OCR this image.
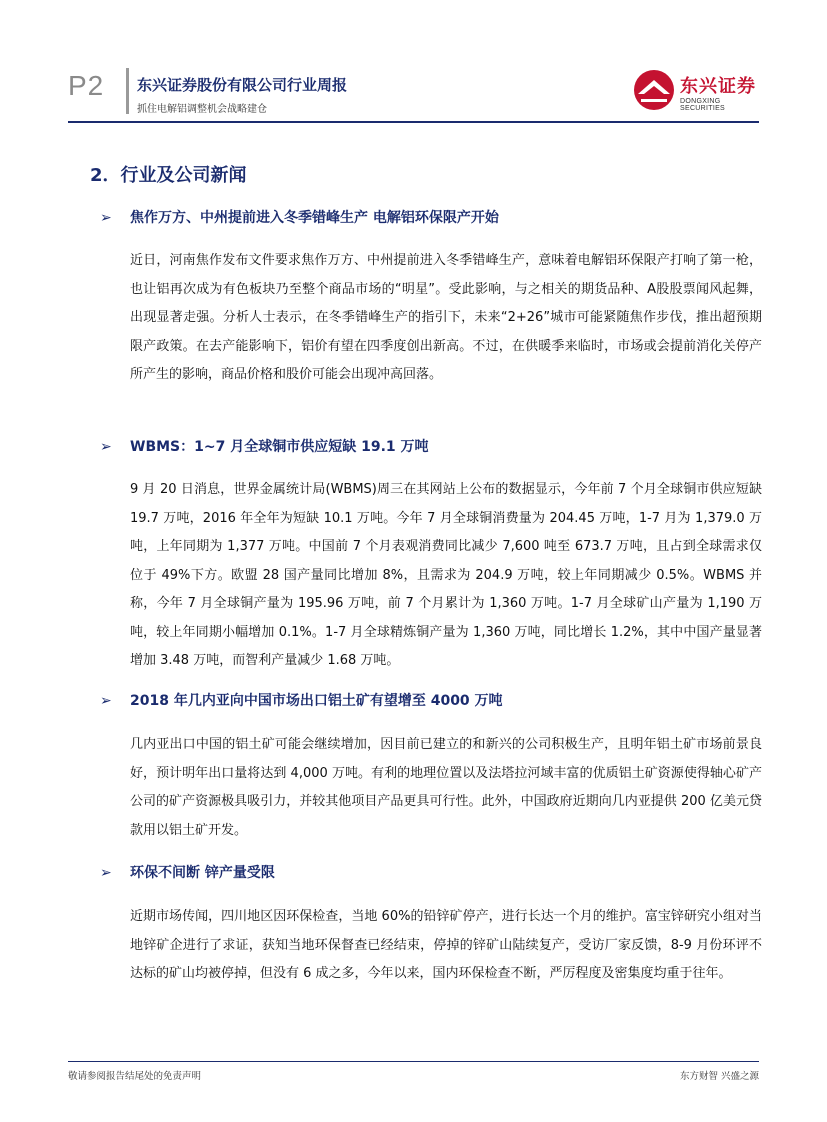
P2 东兴证券股份有限公司行业周报
抓住电解铝调整机会战略建仓
东兴证券
DONGXING SECURITIES
2．行业及公司新闻
➢ 焦作万方、中州提前进入冬季错峰生产 电解铝环保限产开始
近日，河南焦作发布文件要求焦作万方、中州提前进入冬季错峰生产，意味着电解铝环保限产打响了第一枪，也让铝再次成为有色板块乃至整个商品市场的“明星”。受此影响，与之相关的期货品种、A股股票闻风起舞，出现显著走强。分析人士表示，在冬季错峰生产的指引下，未来“2+26”城市可能紧随焦作步伐，推出超预期限产政策。在去产能影响下，铝价有望在四季度创出新高。不过，在供暖季来临时，市场或会提前消化关停产所产生的影响，商品价格和股价可能会出现冲高回落。
➢ WBMS：1~7 月全球铜市供应短缺 19.1 万吨
9 月 20 日消息，世界金属统计局(WBMS)周三在其网站上公布的数据显示，今年前 7 个月全球铜市供应短缺 19.7 万吨，2016 年全年为短缺 10.1 万吨。今年 7 月全球铜消费量为 204.45 万吨，1-7 月为 1,379.0 万吨，上年同期为 1,377 万吨。中国前 7 个月表观消费同比减少 7,600 吨至 673.7 万吨，且占到全球需求仅位于 49%下方。欧盟 28 国产量同比增加 8%，且需求为 204.9 万吨，较上年同期减少 0.5%。WBMS 并称，今年 7 月全球铜产量为 195.96 万吨，前 7 个月累计为 1,360 万吨。1-7 月全球矿山产量为 1,190 万吨，较上年同期小幅增加 0.1%。1-7 月全球精炼铜产量为 1,360 万吨，同比增长 1.2%，其中中国产量显著增加 3.48 万吨，而智利产量减少 1.68 万吨。
➢ 2018 年几内亚向中国市场出口铝土矿有望增至 4000 万吨
几内亚出口中国的铝土矿可能会继续增加，因目前已建立的和新兴的公司积极生产，且明年铝土矿市场前景良好，预计明年出口量将达到 4,000 万吨。有利的地理位置以及法塔拉河域丰富的优质铝土矿资源使得轴心矿产公司的矿产资源极具吸引力，并较其他项目产品更具可行性。此外，中国政府近期向几内亚提供 200 亿美元贷款用以铝土矿开发。
➢ 环保不间断 锌产量受限
近期市场传闻，四川地区因环保检查，当地 60%的铅锌矿停产，进行长达一个月的维护。富宝锌研究小组对当地锌矿企进行了求证，获知当地环保督查已经结束，停掉的锌矿山陆续复产，受访厂家反馈，8-9 月份环评不达标的矿山均被停掉，但没有 6 成之多，今年以来，国内环保检查不断，严厉程度及密集度均重于往年。
敬请参阅报告结尾处的免责声明	东方财智 兴盛之源
